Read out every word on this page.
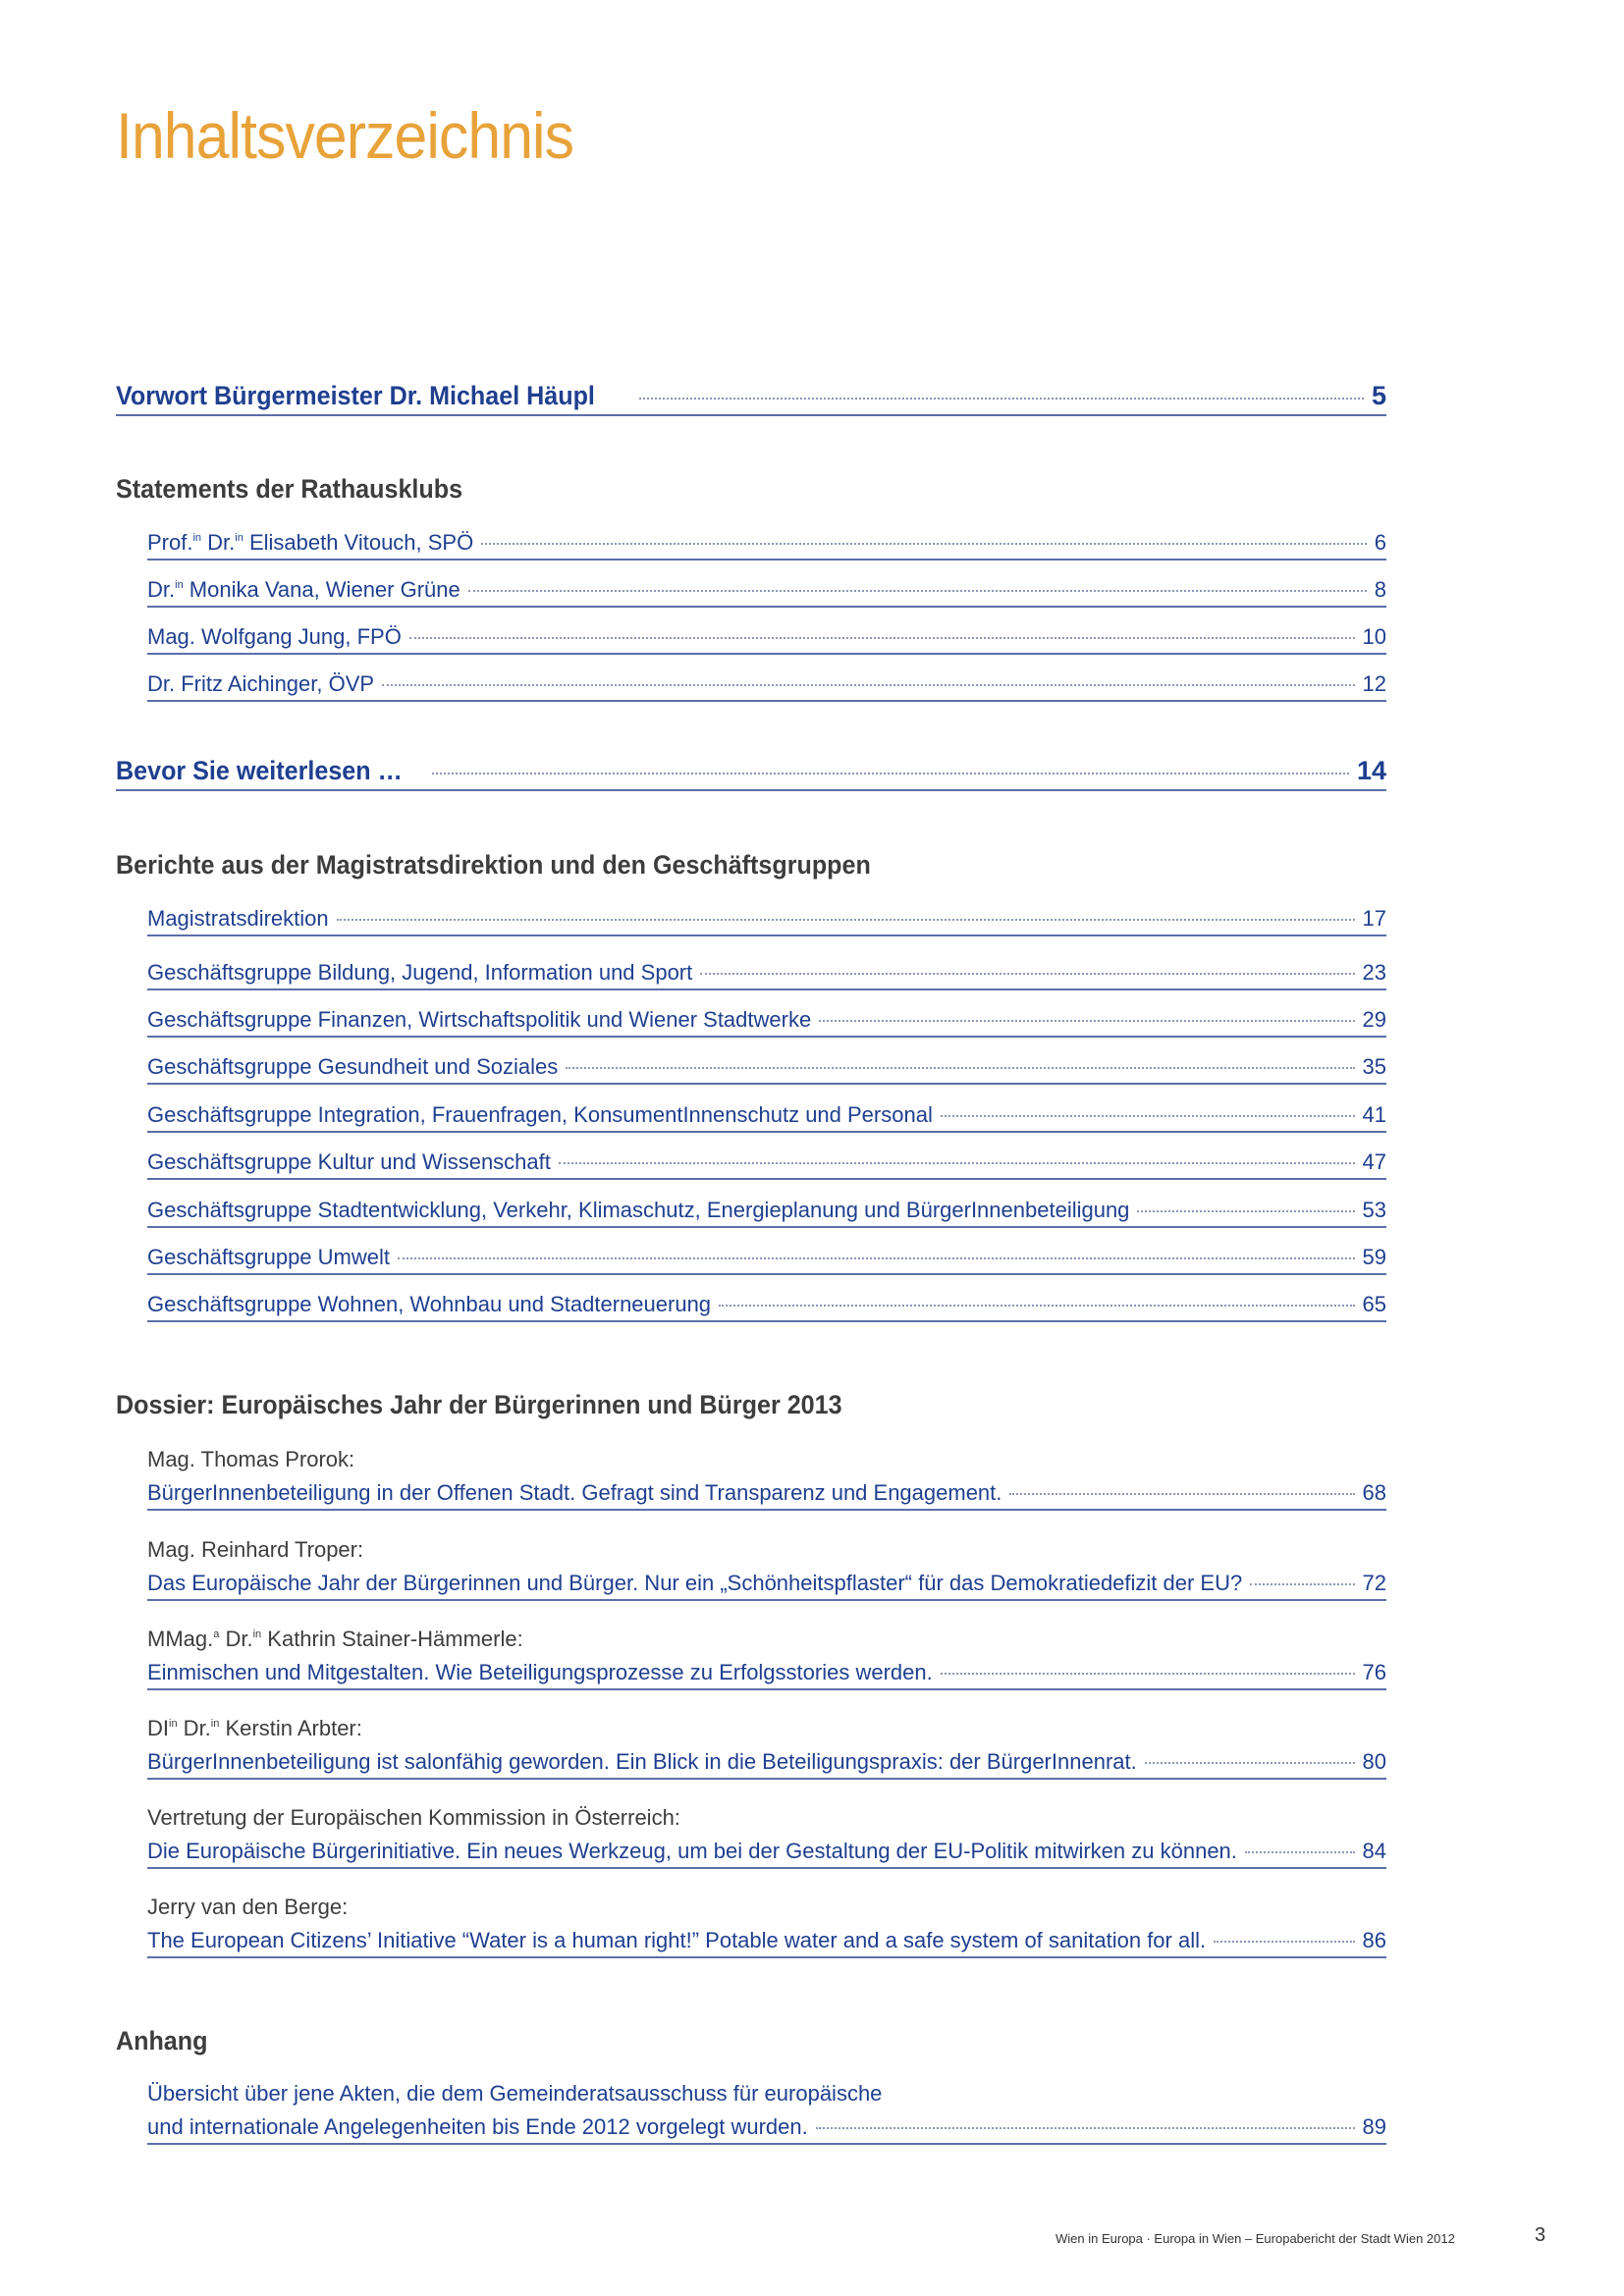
Inhaltsverzeichnis
Vorwort Bürgermeister Dr. Michael Häupl	5
Statements der Rathausklubs
Prof.$^{in}$ Dr.$^{in}$ Elisabeth Vitouch, SPÖ	6
Dr.$^{in}$ Monika Vana, Wiener Grüne	8
Mag. Wolfgang Jung, FPÖ	10
Dr. Fritz Aichinger, ÖVP	12
Bevor Sie weiterlesen …	14
Berichte aus der Magistratsdirektion und den Geschäftsgruppen
Magistratsdirektion	17
Geschäftsgruppe Bildung, Jugend, Information und Sport	23
Geschäftsgruppe Finanzen, Wirtschaftspolitik und Wiener Stadtwerke	29
Geschäftsgruppe Gesundheit und Soziales	35
Geschäftsgruppe Integration, Frauenfragen, KonsumentInnenschutz und Personal	41
Geschäftsgruppe Kultur und Wissenschaft	47
Geschäftsgruppe Stadtentwicklung, Verkehr, Klimaschutz, Energieplanung und BürgerInnenbeteiligung	53
Geschäftsgruppe Umwelt	59
Geschäftsgruppe Wohnen, Wohnbau und Stadterneuerung	65
Dossier: Europäisches Jahr der Bürgerinnen und Bürger 2013
Mag. Thomas Prorok:
BürgerInnenbeteiligung in der Offenen Stadt. Gefragt sind Transparenz und Engagement.	68
Mag. Reinhard Troper:
Das Europäische Jahr der Bürgerinnen und Bürger. Nur ein „Schönheitspflaster“ für das Demokratiedefizit der EU?	72
MMag.$^a$ Dr.$^{in}$ Kathrin Stainer-Hämmerle:
Einmischen und Mitgestalten. Wie Beteiligungsprozesse zu Erfolgsstories werden.	76
$DI^{in}$ Dr.$^{in}$ Kerstin Arbter:
BürgerInnenbeteiligung ist salonfähig geworden. Ein Blick in die Beteiligungspraxis: der BürgerInnenrat.	80
Vertretung der Europäischen Kommission in Österreich:
Die Europäische Bürgerinitiative. Ein neues Werkzeug, um bei der Gestaltung der EU-Politik mitwirken zu können.	84
Jerry van den Berge:
The European Citizens’ Initiative “Water is a human right!” Potable water and a safe system of sanitation for all.	86
Anhang
Übersicht über jene Akten, die dem Gemeinderatsausschuss für europäische
und internationale Angelegenheiten bis Ende 2012 vorgelegt wurden.	89
Wien in Europa · Europa in Wien – Europabericht der Stadt Wien 2012	3
